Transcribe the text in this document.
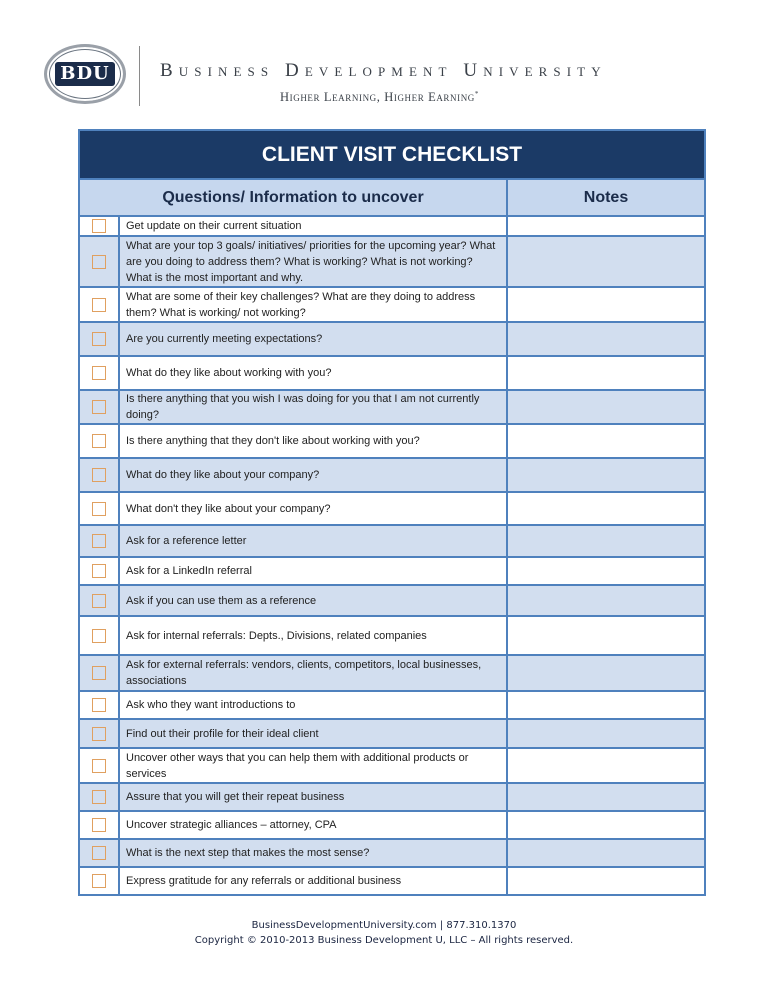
BDU	Business Development University
Higher Learning, Higher Earning*
CLIENT VISIT CHECKLIST
Questions/ Information to uncover	Notes
Get update on their current situation
What are your top 3 goals/ initiatives/ priorities for the upcoming year? What are you doing to address them? What is working? What is not working? What is the most important and why.
What are some of their key challenges? What are they doing to address them? What is working/ not working?
Are you currently meeting expectations?
What do they like about working with you?
Is there anything that you wish I was doing for you that I am not currently doing?
Is there anything that they don't like about working with you?
What do they like about your company?
What don't they like about your company?
Ask for a reference letter
Ask for a LinkedIn referral
Ask if you can use them as a reference
Ask for internal referrals: Depts., Divisions, related companies
Ask for external referrals: vendors, clients, competitors, local businesses, associations
Ask who they want introductions to
Find out their profile for their ideal client
Uncover other ways that you can help them with additional products or services
Assure that you will get their repeat business
Uncover strategic alliances – attorney, CPA
What is the next step that makes the most sense?
Express gratitude for any referrals or additional business
BusinessDevelopmentUniversity.com | 877.310.1370
Copyright © 2010-2013 Business Development U, LLC – All rights reserved.
